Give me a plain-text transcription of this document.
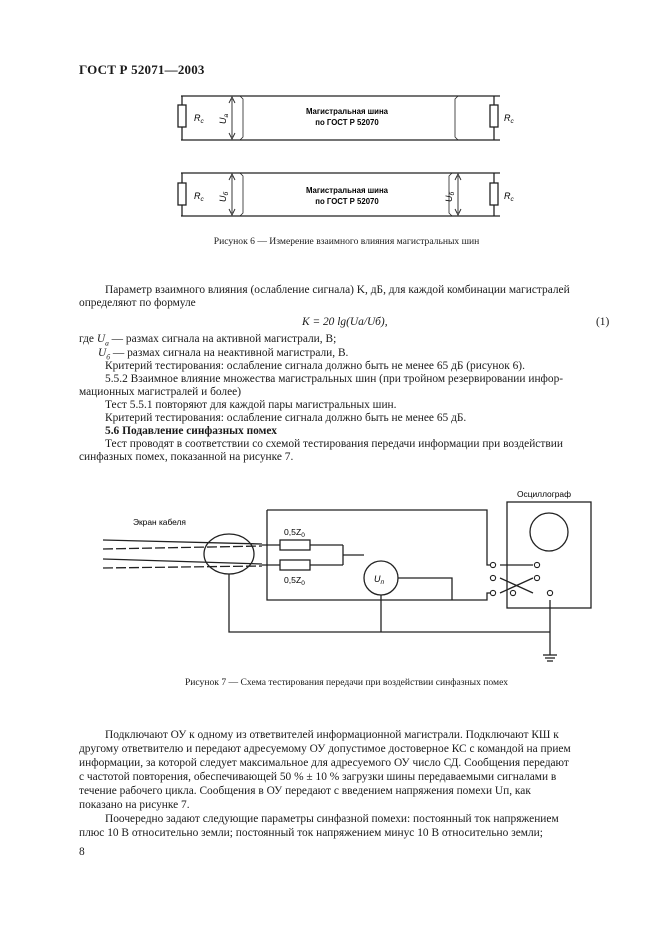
ГОСТ Р 52071—2003
Магистральная шина
по ГОСТ Р 52070
$R_c$	$R_c$
$U_a$
Магистральная шина
по ГОСТ Р 52070
$R_c$	$R_c$
$U_б$
$U_б$
Осциллограф
Экран кабеля
$0,5Z_0$
$0,5Z_0$	$U_п$
Рисунок 6 — Измерение взаимного влияния магистральных шин
Параметр взаимного влияния (ослабление сигнала) K, дБ, для каждой комбинации магистралей
определяют по формуле
K = 20 lg(Uа/Uб),	(1)
где $U_а$ — размах сигнала на активной магистрали, В;
$U_б$ — размах сигнала на неактивной магистрали, В.
Критерий тестирования: ослабление сигнала должно быть не менее 65 дБ (рисунок 6).
5.5.2 Взаимное влияние множества магистральных шин (при тройном резервировании инфор-
мационных магистралей и более)
Тест 5.5.1 повторяют для каждой пары магистральных шин.
Критерий тестирования: ослабление сигнала должно быть не менее 65 дБ.
5.6 Подавление синфазных помех
Тест проводят в соответствии со схемой тестирования передачи информации при воздействии
синфазных помех, показанной на рисунке 7.
Рисунок 7 — Схема тестирования передачи при воздействии синфазных помех
Подключают ОУ к одному из ответвителей информационной магистрали. Подключают КШ к
другому ответвителю и передают адресуемому ОУ допустимое достоверное КС с командой на прием
информации, за которой следует максимальное для адресуемого ОУ число СД. Сообщения передают
с частотой повторения, обеспечивающей 50 % ± 10 % загрузки шины передаваемыми сигналами в
течение рабочего цикла. Сообщения в ОУ передают с введением напряжения помехи Uп, как
показано на рисунке 7.
Поочередно задают следующие параметры синфазной помехи: постоянный ток напряжением
плюс 10 В относительно земли; постоянный ток напряжением минус 10 В относительно земли;
8
